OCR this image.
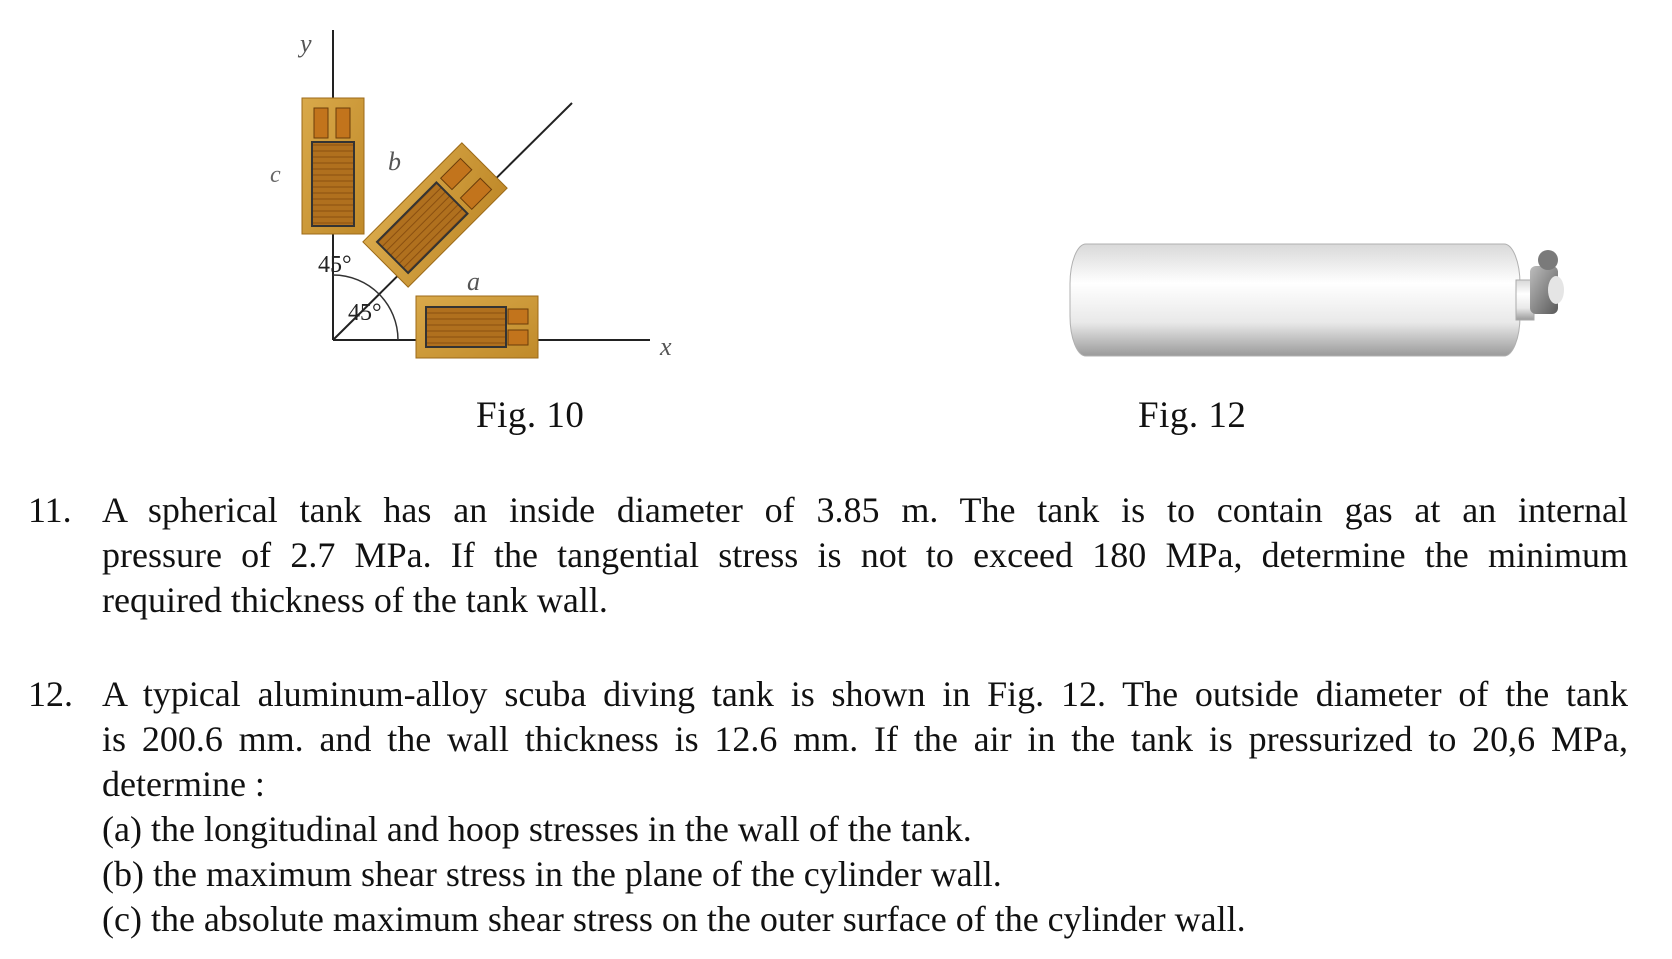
y
x
c	b
a
45°
45°
Fig. 10	Fig. 12
11. A spherical tank has an inside diameter of 3.85 m. The tank is to contain gas at an internal
pressure of 2.7 MPa. If the tangential stress is not to exceed 180 MPa, determine the minimum
required thickness of the tank wall.
12. A typical aluminum-alloy scuba diving tank is shown in Fig. 12. The outside diameter of the tank
is 200.6 mm. and the wall thickness is 12.6 mm. If the air in the tank is pressurized to 20,6 MPa,
determine :
(a) the longitudinal and hoop stresses in the wall of the tank.
(b) the maximum shear stress in the plane of the cylinder wall.
(c) the absolute maximum shear stress on the outer surface of the cylinder wall.
